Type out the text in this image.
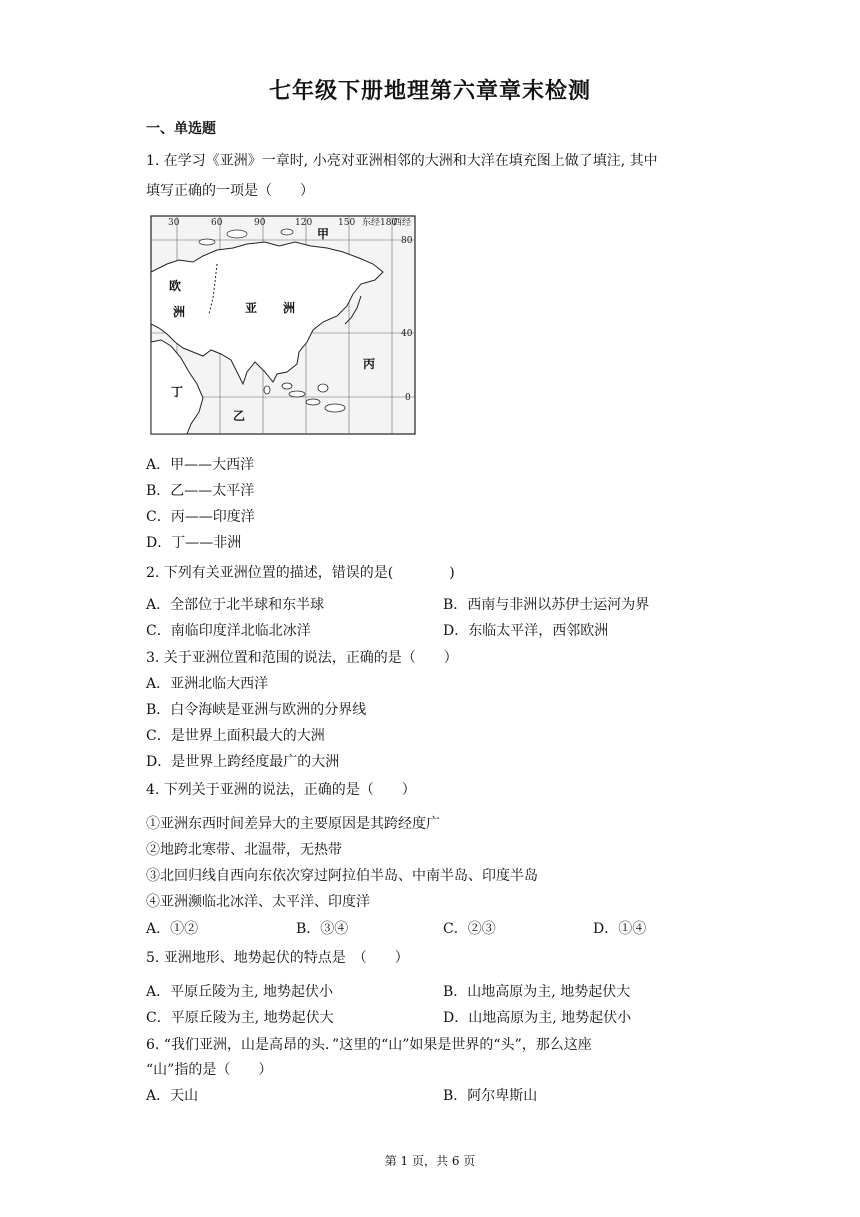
七年级下册地理第六章章末检测
一、单选题
1. 在学习《亚洲》一章时, 小亮对亚洲相邻的大洲和大洋在填充图上做了填注, 其中
填写正确的一项是（　　）
30	60	90	120	150 东经180
西经
80
40
0
甲
亚 洲
欧
洲
丙
丁
乙
A．甲——大西洋
B．乙——太平洋
C．丙——印度洋
D．丁——非洲
2. 下列有关亚洲位置的描述，错误的是(　　　　)
A．全部位于北半球和东半球	B．西南与非洲以苏伊士运河为界
C．南临印度洋北临北冰洋	D．东临太平洋，西邻欧洲
3. 关于亚洲位置和范围的说法，正确的是（　　）
A．亚洲北临大西洋
B．白令海峡是亚洲与欧洲的分界线
C．是世界上面积最大的大洲
D．是世界上跨经度最广的大洲
4. 下列关于亚洲的说法，正确的是（　　）
①亚洲东西时间差异大的主要原因是其跨经度广
②地跨北寒带、北温带，无热带
③北回归线自西向东依次穿过阿拉伯半岛、中南半岛、印度半岛
④亚洲濒临北冰洋、太平洋、印度洋
A．①②	B．③④	C．②③	D．①④
5. 亚洲地形、地势起伏的特点是　（　　）
A．平原丘陵为主, 地势起伏小	B．山地高原为主, 地势起伏大
C．平原丘陵为主, 地势起伏大	D．山地高原为主, 地势起伏小
6. “我们亚洲，山是高昂的头．”这里的“山”如果是世界的“头”，那么这座
“山”指的是（　　）
A．天山	B．阿尔卑斯山
第 1 页，共 6 页
